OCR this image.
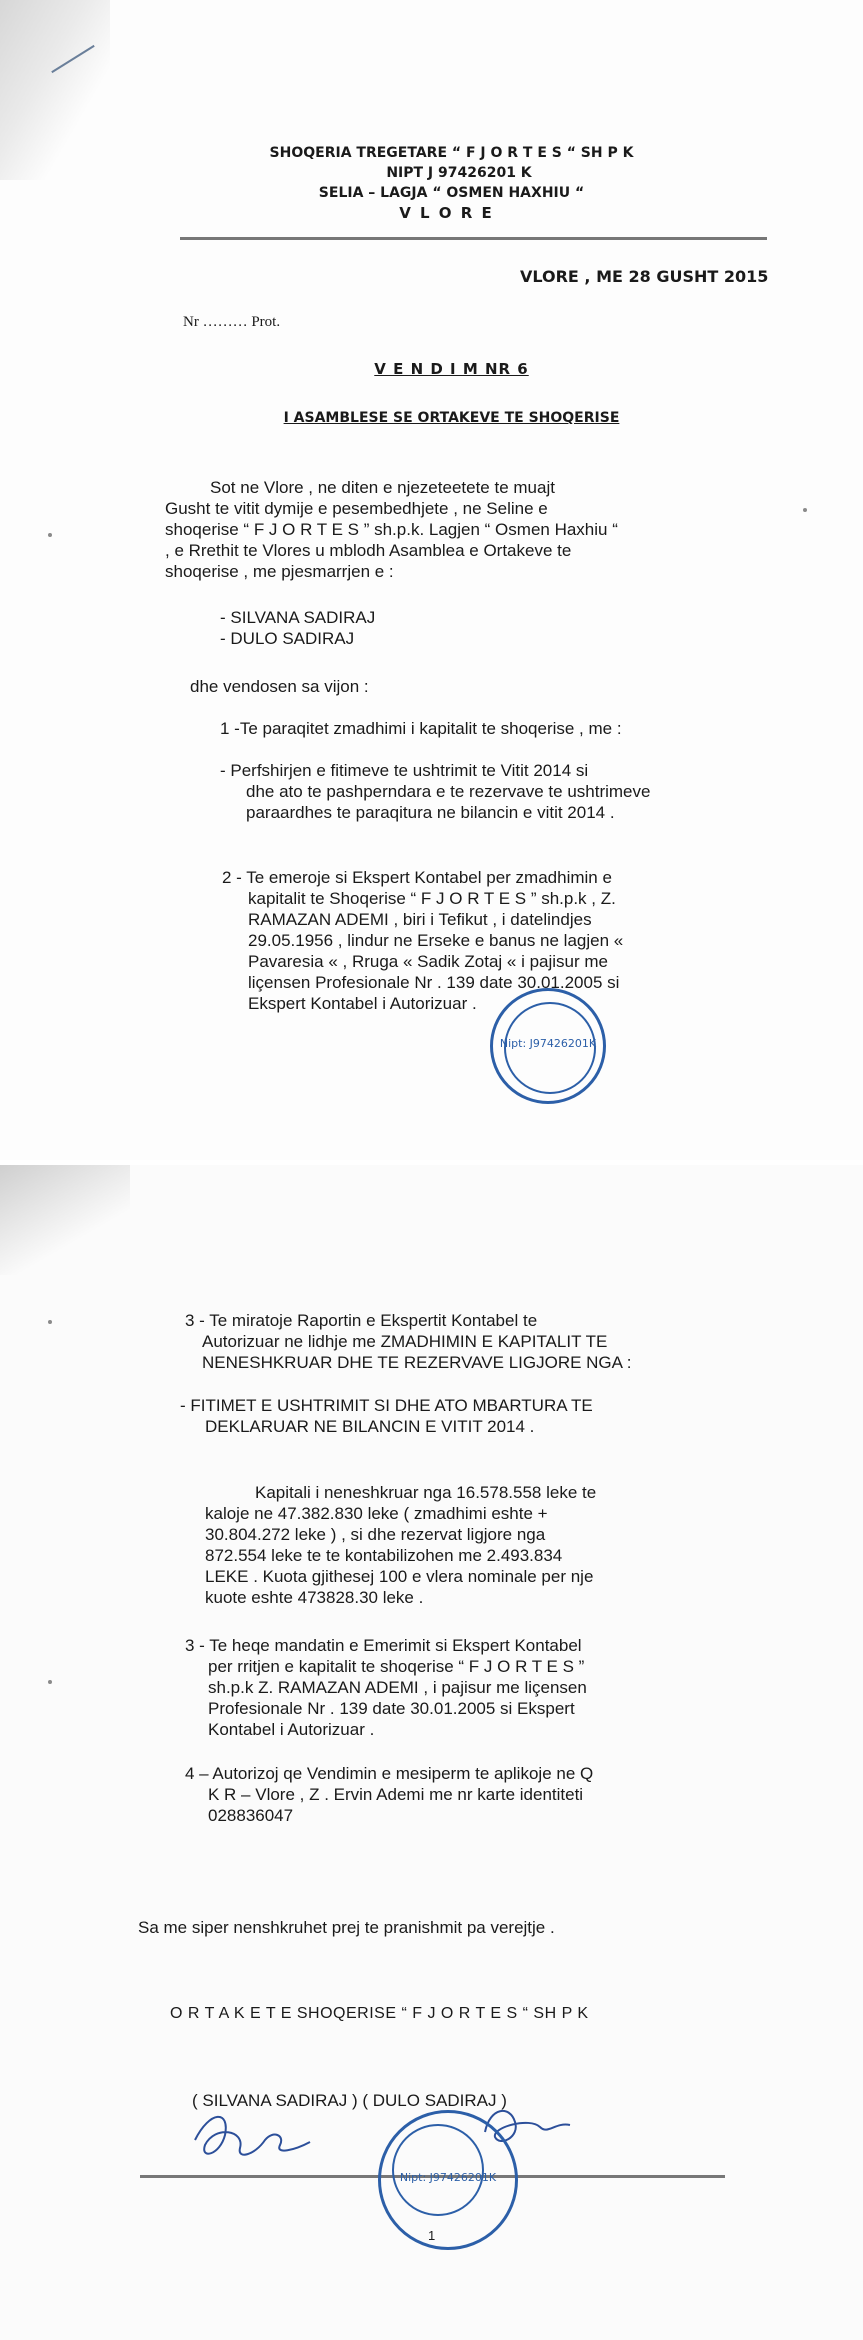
SHOQERIA TREGETARE “ F J O R T E S “ SH P K
NIPT J 97426201 K
SELIA – LAGJA “ OSMEN HAXHIU “
V L O R E
VLORE , ME 28 GUSHT 2015
Nr ……… Prot.
V E N D I M NR 6
I ASAMBLESE SE ORTAKEVE TE SHOQERISE
Sot ne Vlore , ne diten e njezeteetete te muajt
Gusht te vitit dymije e pesembedhjete , ne Seline e
shoqerise “ F J O R T E S ” sh.p.k. Lagjen “ Osmen Haxhiu “
, e Rrethit te Vlores u mblodh Asamblea e Ortakeve te
shoqerise , me pjesmarrjen e :
- SILVANA SADIRAJ
- DULO SADIRAJ
dhe vendosen sa vijon :
1 -Te paraqitet zmadhimi i kapitalit te shoqerise , me :
- Perfshirjen e fitimeve te ushtrimit te Vitit 2014 si
dhe ato te pashperndara e te rezervave te ushtrimeve
paraardhes te paraqitura ne bilancin e vitit 2014 .
2 - Te emeroje si Ekspert Kontabel per zmadhimin e
kapitalit te Shoqerise “ F J O R T E S ” sh.p.k , Z.
RAMAZAN ADEMI , biri i Tefikut , i datelindjes
29.05.1956 , lindur ne Erseke e banus ne lagjen «
Pavaresia « , Rruga « Sadik Zotaj « i pajisur me
liçensen Profesionale Nr . 139 date 30.01.2005 si
Ekspert Kontabel i Autorizuar .
Nipt: J97426201K
3 - Te miratoje Raportin e Ekspertit Kontabel te
Autorizuar ne lidhje me ZMADHIMIN E KAPITALIT TE
NENESHKRUAR DHE TE REZERVAVE LIGJORE NGA :
- FITIMET E USHTRIMIT SI DHE ATO MBARTURA TE
DEKLARUAR NE BILANCIN E VITIT 2014 .
Kapitali i neneshkruar nga 16.578.558 leke te
kaloje ne 47.382.830 leke ( zmadhimi eshte +
30.804.272 leke ) , si dhe rezervat ligjore nga
872.554 leke te te kontabilizohen me 2.493.834
LEKE . Kuota gjithesej 100 e vlera nominale per nje
kuote eshte 473828.30 leke .
3 - Te heqe mandatin e Emerimit si Ekspert Kontabel
per rritjen e kapitalit te shoqerise “ F J O R T E S ”
sh.p.k Z. RAMAZAN ADEMI , i pajisur me liçensen
Profesionale Nr . 139 date 30.01.2005 si Ekspert
Kontabel i Autorizuar .
4 – Autorizoj qe Vendimin e mesiperm te aplikoje ne Q
K R – Vlore , Z . Ervin Ademi me nr karte identiteti
028836047
Sa me siper nenshkruhet prej te pranishmit pa verejtje .
O R T A K E T E SHOQERISE “ F J O R T E S “ SH P K
( SILVANA SADIRAJ ) ( DULO SADIRAJ )
Nipt: J97426201K
1
